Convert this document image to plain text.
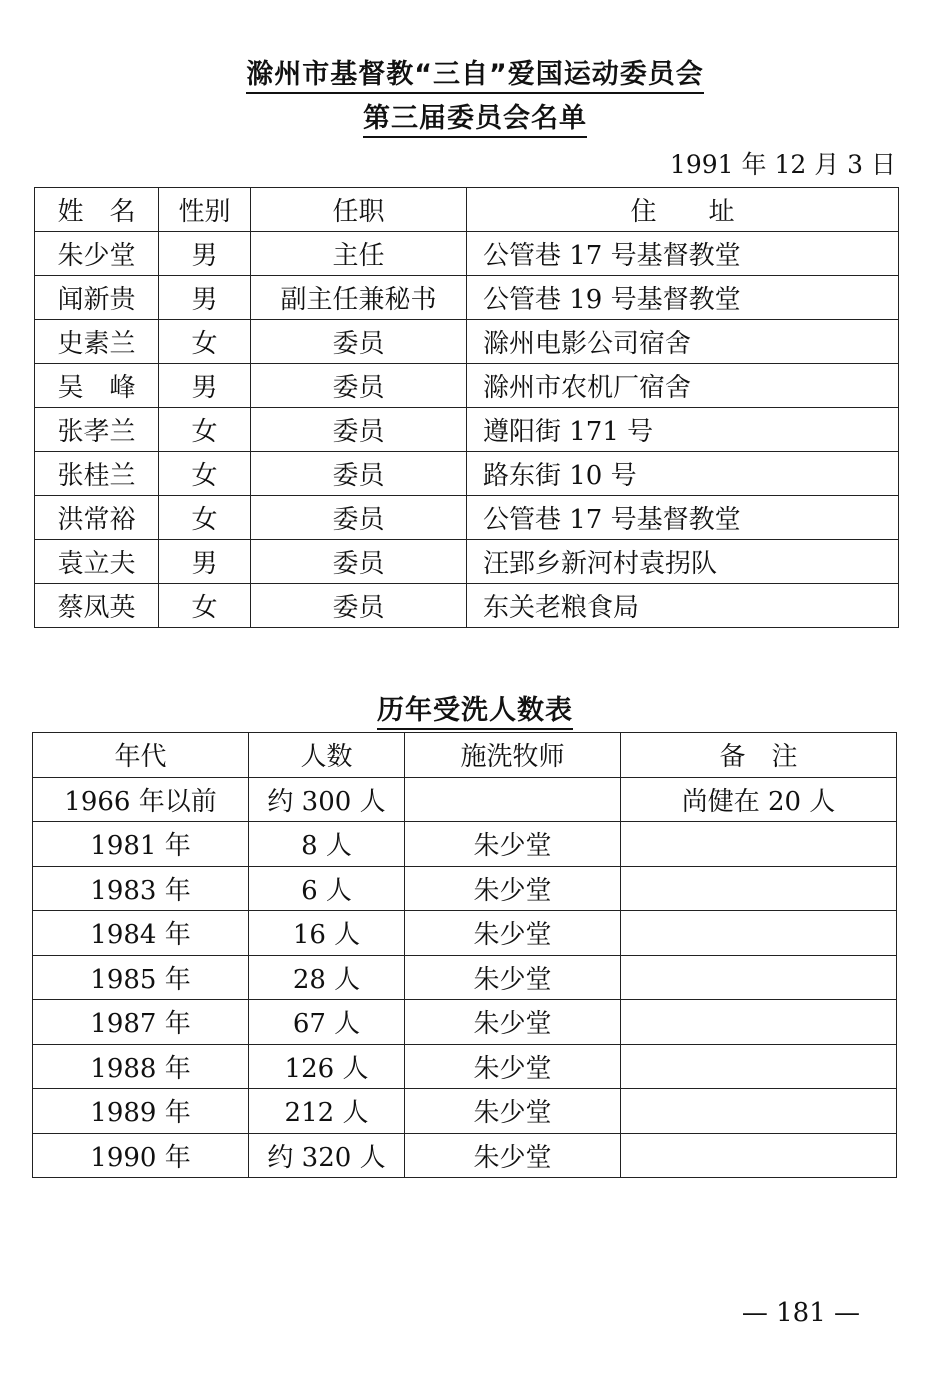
滁州市基督教“三自”爱国运动委员会
第三届委员会名单
1991 年 12 月 3 日
姓　名	性别	任职	住　　址
朱少堂	男	主任	公管巷 17 号基督教堂
闻新贵	男	副主任兼秘书	公管巷 19 号基督教堂
史素兰	女	委员	滁州电影公司宿舍
吴　峰	男	委员	滁州市农机厂宿舍
张孝兰	女	委员	遵阳街 171 号
张桂兰	女	委员	路东街 10 号
洪常裕	女	委员	公管巷 17 号基督教堂
袁立夫	男	委员	汪郢乡新河村袁拐队
蔡凤英	女	委员	东关老粮食局
历年受洗人数表
年代	人数	施洗牧师	备　注
1966 年以前	约 300 人		尚健在 20 人
1981 年	8 人	朱少堂	
1983 年	6 人	朱少堂	
1984 年	16 人	朱少堂	
1985 年	28 人	朱少堂	
1987 年	67 人	朱少堂	
1988 年	126 人	朱少堂	
1989 年	212 人	朱少堂	
1990 年	约 320 人	朱少堂	
— 181 —
